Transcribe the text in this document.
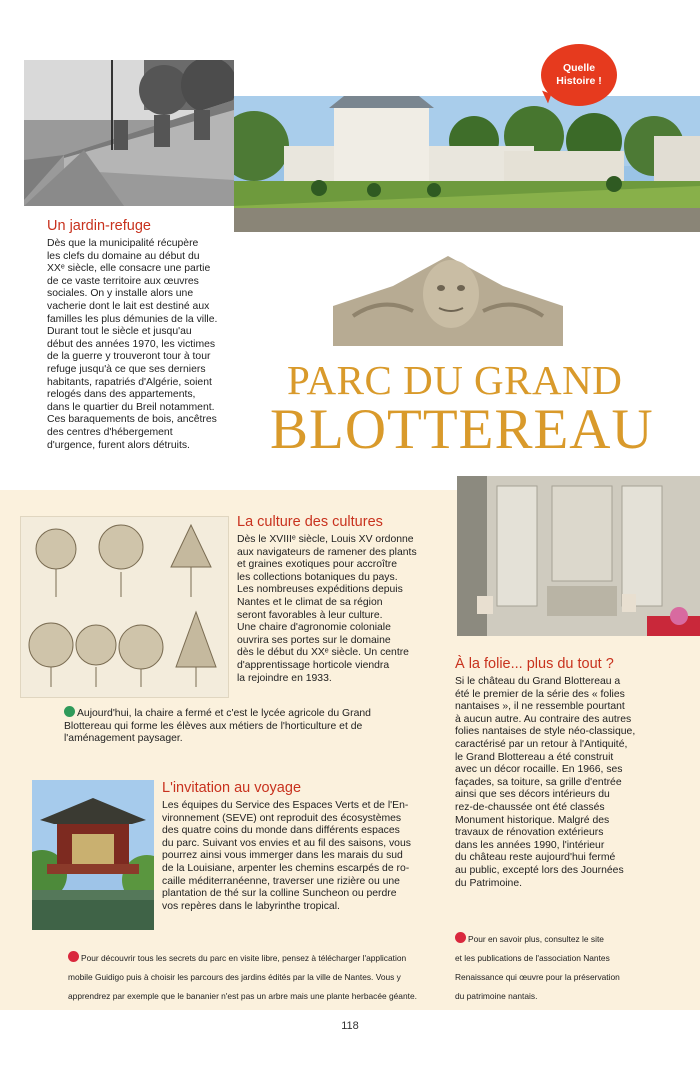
Quelle
Histoire !
PARC DU GRAND
BLOTTEREAU
Un jardin-refuge

Dès que la municipalité récupère

les clefs du domaine au début du

XXᵉ siècle, elle consacre une partie

de ce vaste territoire aux œuvres

sociales. On y installe alors une

vacherie dont le lait est destiné aux

familles les plus démunies de la ville.

Durant tout le siècle et jusqu'au

début des années 1970, les victimes

de la guerre y trouveront tour à tour

refuge jusqu'à ce que ses derniers

habitants, rapatriés d'Algérie, soient

relogés dans des appartements,

dans le quartier du Breil notamment.

Ces baraquements de bois, ancêtres

des centres d'hébergement

d'urgence, furent alors détruits.

La culture des cultures

Dès le XVIIIᵉ siècle, Louis XV ordonne

aux navigateurs de ramener des plants

et graines exotiques pour accroître

les collections botaniques du pays.

Les nombreuses expéditions depuis

Nantes et le climat de sa région

seront favorables à leur culture.

Une chaire d'agronomie coloniale

ouvrira ses portes sur le domaine

dès le début du XXᵉ siècle. Un centre

d'apprentissage horticole viendra

la rejoindre en 1933.

Aujourd'hui, la chaire a fermé et c'est le lycée agricole du Grand

Blottereau qui forme les élèves aux métiers de l'horticulture et de

l'aménagement paysager.

À la folie... plus du tout ?

Si le château du Grand Blottereau a

été le premier de la série des « folies

nantaises », il ne ressemble pourtant

à aucun autre. Au contraire des autres

folies nantaises de style néo-classique,

caractérisé par un retour à l'Antiquité,

le Grand Blottereau a été construit

avec un décor rocaille. En 1966, ses

façades, sa toiture, sa grille d'entrée

ainsi que ses décors intérieurs du

rez-de-chaussée ont été classés

Monument historique. Malgré des

travaux de rénovation extérieurs

dans les années 1990, l'intérieur

du château reste aujourd'hui fermé

au public, excepté lors des Journées

du Patrimoine.

Pour en savoir plus, consultez le site

et les publications de l'association Nantes

Renaissance qui œuvre pour la préservation

du patrimoine nantais.

L'invitation au voyage

Les équipes du Service des Espaces Verts et de l'En-

vironnement (SEVE) ont reproduit des écosystèmes

des quatre coins du monde dans différents espaces

du parc. Suivant vos envies et au fil des saisons, vous

pourrez ainsi vous immerger dans les marais du sud

de la Louisiane, arpenter les chemins escarpés de ro-

caille méditerranéenne, traverser une rizière ou une

plantation de thé sur la colline Suncheon ou perdre

vos repères dans le labyrinthe tropical.

Pour découvrir tous les secrets du parc en visite libre, pensez à télécharger l'application

mobile Guidigo puis à choisir les parcours des jardins édités par la ville de Nantes. Vous y

apprendrez par exemple que le bananier n'est pas un arbre mais une plante herbacée géante.

118
